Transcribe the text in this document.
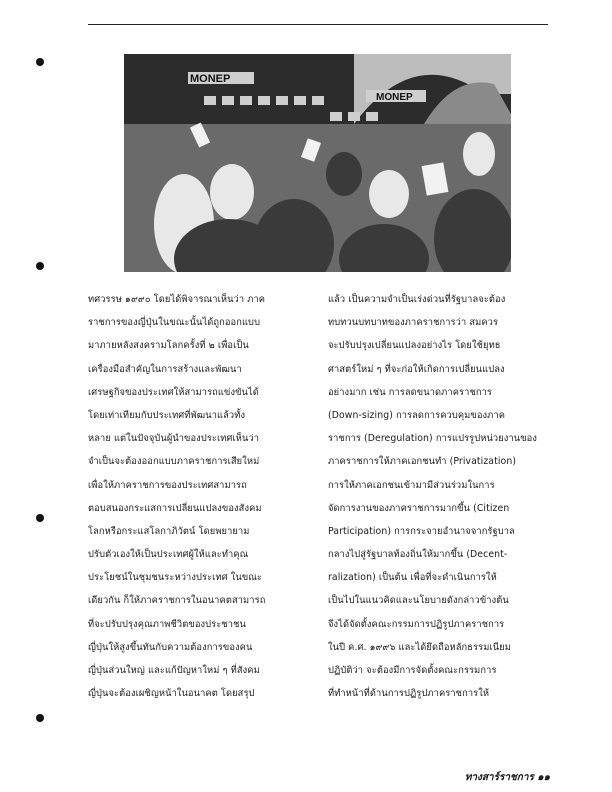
MONEP
MONEP
ทศวรรษ ๑๙๙๐ โดยได้พิจารณาเห็นว่า ภาค
ราชการของญี่ปุ่นในขณะนั้นได้ถูกออกแบบ
มาภายหลังสงครามโลกครั้งที่ ๒ เพื่อเป็น
เครื่องมือสำคัญในการสร้างและพัฒนา
เศรษฐกิจของประเทศให้สามารถแข่งขันได้
โดยเท่าเทียมกับประเทศที่พัฒนาแล้วทั้ง
หลาย แต่ในปัจจุบันผู้นำของประเทศเห็นว่า
จำเป็นจะต้องออกแบบภาคราชการเสียใหม่
เพื่อให้ภาคราชการของประเทศสามารถ
ตอบสนองกระแสการเปลี่ยนแปลงของสังคม
โลกหรือกระแสโลกาภิวัตน์ โดยพยายาม
ปรับตัวเองให้เป็นประเทศผู้ให้และทำคุณ
ประโยชน์ในชุมชนระหว่างประเทศ ในขณะ
เดียวกัน ก็ให้ภาคราชการในอนาคตสามารถ
ที่จะปรับปรุงคุณภาพชีวิตของประชาชน
ญี่ปุ่นให้สูงขึ้นทันกับความต้องการของคน
ญี่ปุ่นส่วนใหญ่ และแก้ปัญหาใหม่ ๆ ที่สังคม
ญี่ปุ่นจะต้องเผชิญหน้าในอนาคต โดยสรุป
แล้ว เป็นความจำเป็นเร่งด่วนที่รัฐบาลจะต้อง
ทบทวนบทบาทของภาคราชการว่า สมควร
จะปรับปรุงเปลี่ยนแปลงอย่างไร โดยใช้ยุทธ
ศาสตร์ใหม่ ๆ ที่จะก่อให้เกิดการเปลี่ยนแปลง
อย่างมาก เช่น การลดขนาดภาคราชการ
(Down-sizing) การลดการควบคุมของภาค
ราชการ (Deregulation) การแปรรูปหน่วยงานของ
ภาคราชการให้ภาคเอกชนทำ (Privatization)
การให้ภาคเอกชนเข้ามามีส่วนร่วมในการ
จัดการงานของภาคราชการมากขึ้น (Citizen
Participation) การกระจายอำนาจจากรัฐบาล
กลางไปสู่รัฐบาลท้องถิ่นให้มากขึ้น (Decent-
ralization) เป็นต้น เพื่อที่จะดำเนินการให้
เป็นไปในแนวคิดและนโยบายดังกล่าวข้างต้น
จึงได้จัดตั้งคณะกรรมการปฏิรูปภาคราชการ
ในปี ค.ศ. ๑๙๙๖ และได้ยึดถือหลักธรรมเนียม
ปฏิบัติว่า จะต้องมีการจัดตั้งคณะกรรมการ
ที่ทำหน้าที่ด้านการปฏิรูปภาคราชการให้
ทางสาร์ราชการ ๑๑
